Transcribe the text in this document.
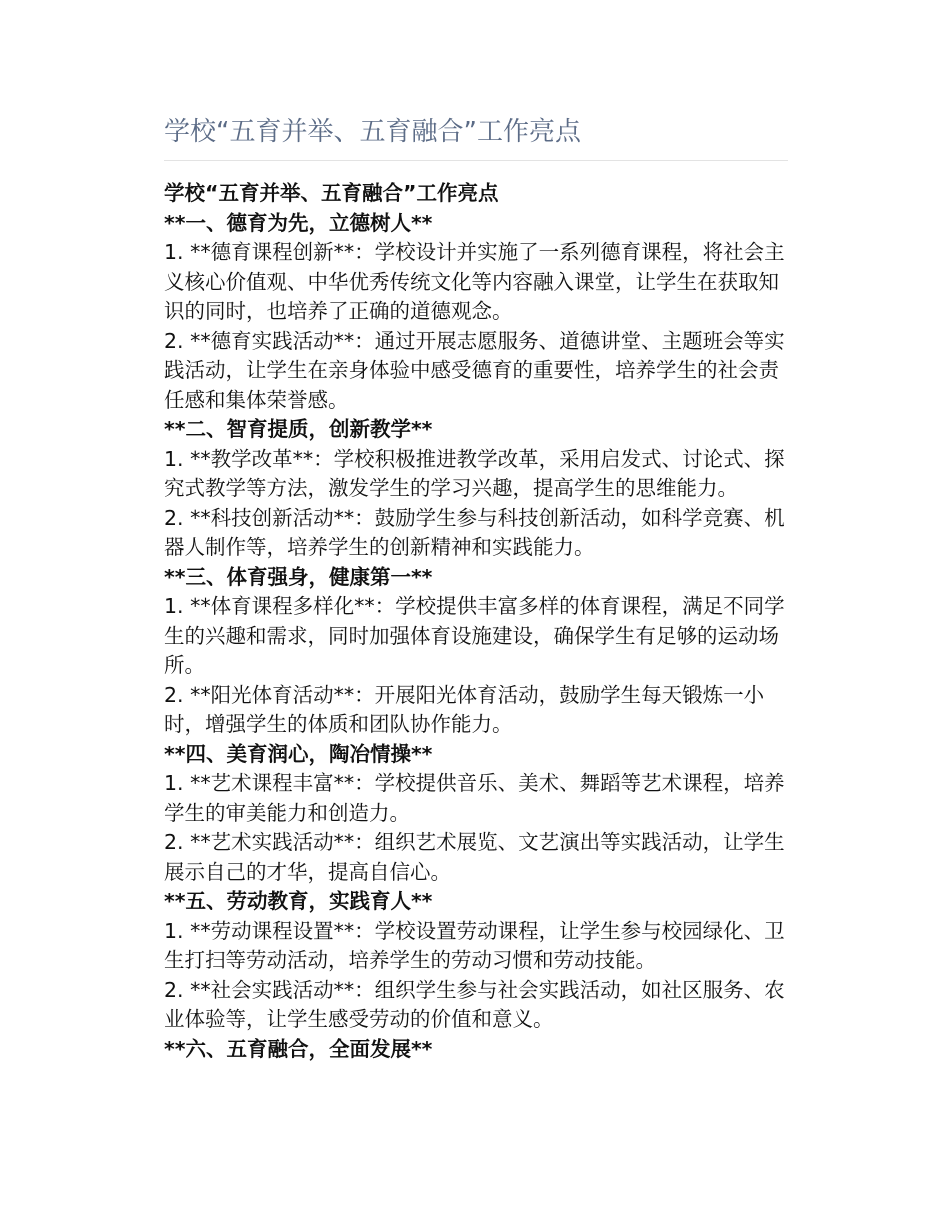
学校“五育并举、五育融合”工作亮点

学校“五育并举、五育融合”工作亮点

**一、德育为先，立德树人**

1. **德育课程创新**：学校设计并实施了一系列德育课程，将社会主义核心价值观、中华优秀传统文化等内容融入课堂，让学生在获取知识的同时，也培养了正确的道德观念。

2. **德育实践活动**：通过开展志愿服务、道德讲堂、主题班会等实践活动，让学生在亲身体验中感受德育的重要性，培养学生的社会责任感和集体荣誉感。

**二、智育提质，创新教学**

1. **教学改革**：学校积极推进教学改革，采用启发式、讨论式、探究式教学等方法，激发学生的学习兴趣，提高学生的思维能力。

2. **科技创新活动**：鼓励学生参与科技创新活动，如科学竞赛、机器人制作等，培养学生的创新精神和实践能力。

**三、体育强身，健康第一**

1. **体育课程多样化**：学校提供丰富多样的体育课程，满足不同学生的兴趣和需求，同时加强体育设施建设，确保学生有足够的运动场所。

2. **阳光体育活动**：开展阳光体育活动，鼓励学生每天锻炼一小时，增强学生的体质和团队协作能力。

**四、美育润心，陶冶情操**

1. **艺术课程丰富**：学校提供音乐、美术、舞蹈等艺术课程，培养学生的审美能力和创造力。

2. **艺术实践活动**：组织艺术展览、文艺演出等实践活动，让学生展示自己的才华，提高自信心。

**五、劳动教育，实践育人**

1. **劳动课程设置**：学校设置劳动课程，让学生参与校园绿化、卫生打扫等劳动活动，培养学生的劳动习惯和劳动技能。

2. **社会实践活动**：组织学生参与社会实践活动，如社区服务、农业体验等，让学生感受劳动的价值和意义。

**六、五育融合，全面发展**
